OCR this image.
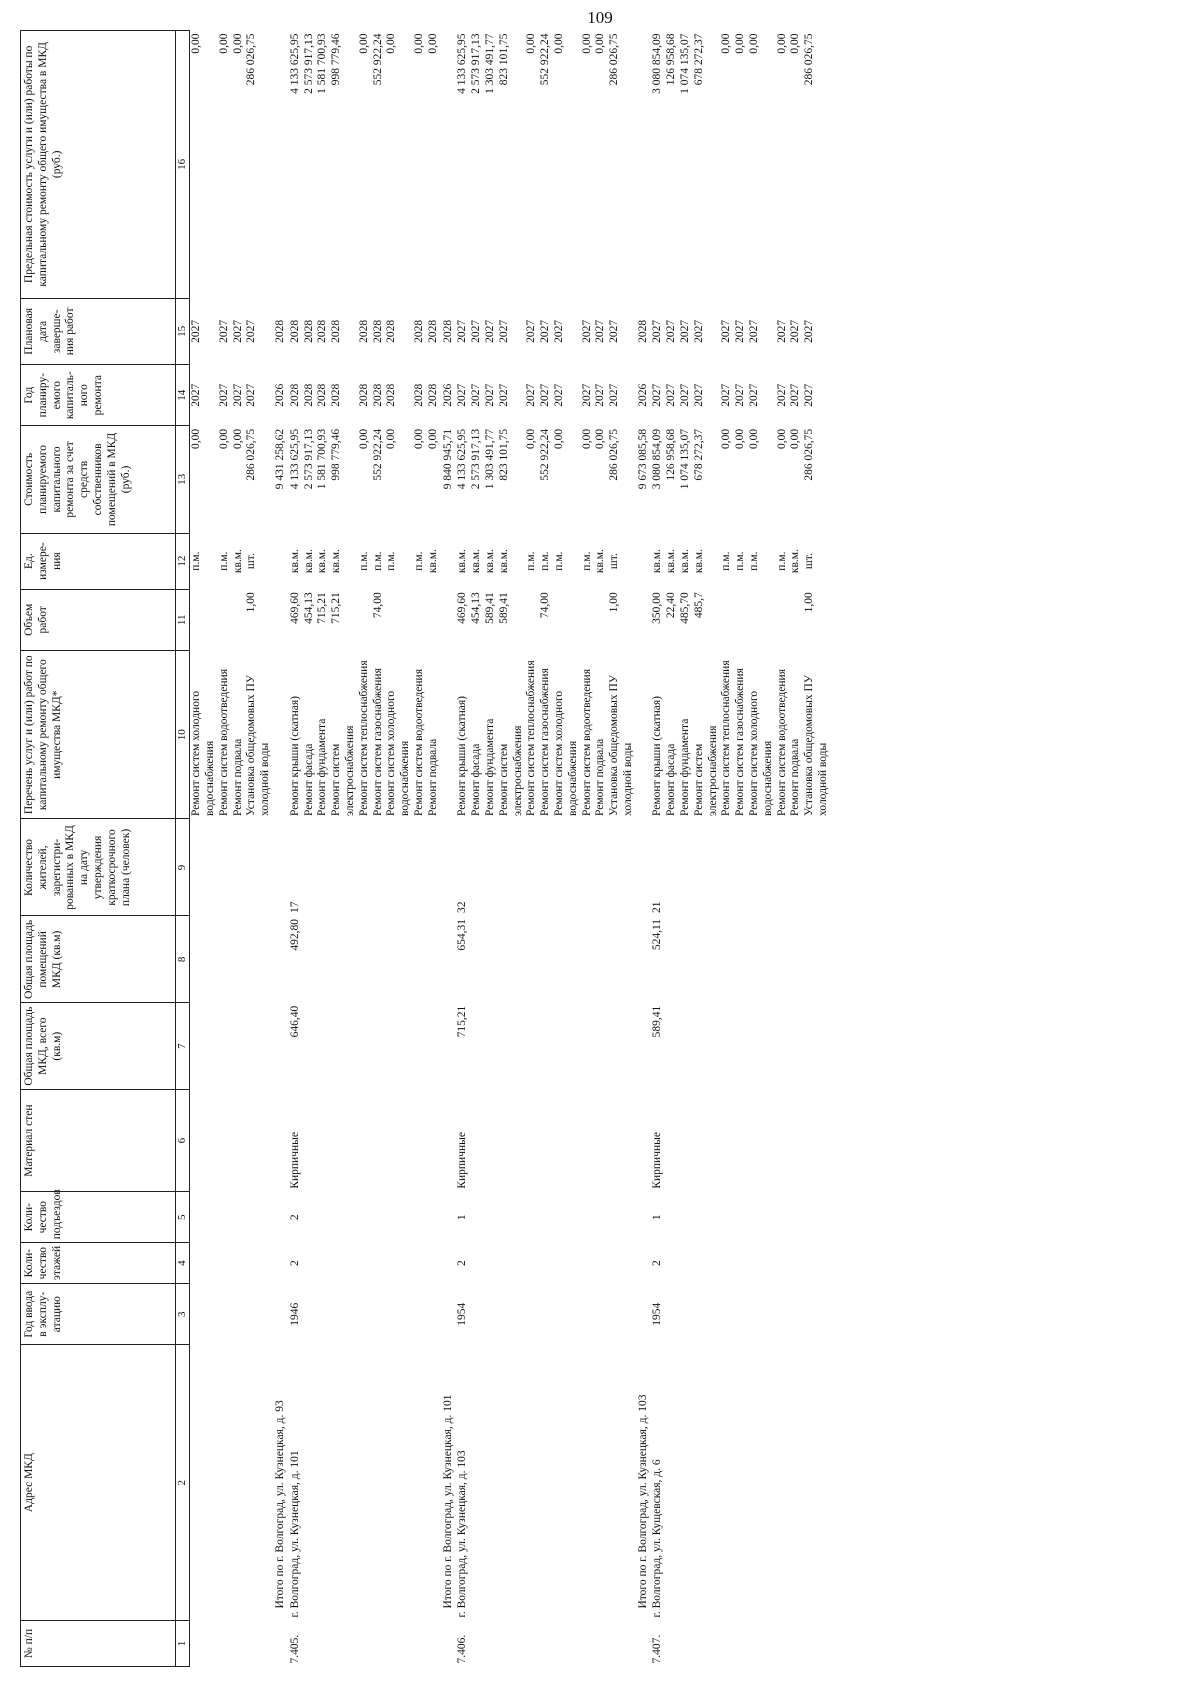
109
№ п/п	Адрес МКД	Год ввода в эксплу-атацию	Коли-чество этажей	Коли-чество подъездов	Материал стен	Общая площадь МКД, всего (кв.м)	Общая площадь помещений МКД (кв.м)	Количество жителей, зарегистри-рованных в МКД на дату утверждения краткосрочного плана (человек)	Перечень услуг и (или) работ по капитальному ремонту общего имущества МКД*	Объем работ	Ед. измере-ния	Стоимость планируемого капитального ремонта за счет средств собственников помещений в МКД (руб.)	Год планиру-емого капиталь-ного ремонта	Плановая дата заверше-ния работ	Предельная стоимость услуги и (или) работы по капитальному ремонту общего имущества в МКД (руб.)
1	2	3	4	5	6	7	8	9	10	11	12	13	14	15	16
									Ремонт систем холодного водоснабжения		п.м.	0,00	2027	2027	0,00
									Ремонт систем водоотведения		п.м.	0,00	2027	2027	0,00
									Ремонт подвала		кв.м.	0,00	2027	2027	0,00
									Установка общедомовых ПУ холодной воды	1,00	шт.	286 026,75	2027	2027	286 026,75
Итого по г. Волгоград, ул. Кузнецкая, д. 93												9 431 258,62	2026	2028	
7.405.	г. Волгоград, ул. Кузнецкая, д. 101	1946	2	2	Кирпичные	646,40	492,80	17	Ремонт крыши (скатная)	469,60	кв.м.	4 133 625,95	2028	2028	4 133 625,95
									Ремонт фасада	454,13	кв.м.	2 573 917,13	2028	2028	2 573 917,13
									Ремонт фундамента	715,21	кв.м.	1 581 700,93	2028	2028	1 581 700,93
									Ремонт систем электроснабжения	715,21	кв.м.	998 779,46	2028	2028	998 779,46
									Ремонт систем теплоснабжения		п.м.	0,00	2028	2028	0,00
									Ремонт систем газоснабжения	74,00	п.м.	552 922,24	2028	2028	552 922,24
									Ремонт систем холодного водоснабжения		п.м.	0,00	2028	2028	0,00
									Ремонт систем водоотведения		п.м.	0,00	2028	2028	0,00
									Ремонт подвала		кв.м.	0,00	2028	2028	0,00
Итого по г. Волгоград, ул. Кузнецкая, д. 101												9 840 945,71	2026	2028	
7.406.	г. Волгоград, ул. Кузнецкая, д. 103	1954	2	1	Кирпичные	715,21	654,31	32	Ремонт крыши (скатная)	469,60	кв.м.	4 133 625,95	2027	2027	4 133 625,95
									Ремонт фасада	454,13	кв.м.	2 573 917,13	2027	2027	2 573 917,13
									Ремонт фундамента	589,41	кв.м.	1 303 491,77	2027	2027	1 303 491,77
									Ремонт систем электроснабжения	589,41	кв.м.	823 101,75	2027	2027	823 101,75
									Ремонт систем теплоснабжения		п.м.	0,00	2027	2027	0,00
									Ремонт систем газоснабжения	74,00	п.м.	552 922,24	2027	2027	552 922,24
									Ремонт систем холодного водоснабжения		п.м.	0,00	2027	2027	0,00
									Ремонт систем водоотведения		п.м.	0,00	2027	2027	0,00
									Ремонт подвала		кв.м.	0,00	2027	2027	0,00
									Установка общедомовых ПУ холодной воды	1,00	шт.	286 026,75	2027	2027	286 026,75
Итого по г. Волгоград, ул. Кузнецкая, д. 103												9 673 085,58	2026	2028	
7.407.	г. Волгоград, ул. Кущевская, д. 6	1954	2	1	Кирпичные	589,41	524,11	21	Ремонт крыши (скатная)	350,00	кв.м.	3 080 854,09	2027	2027	3 080 854,09
									Ремонт фасада	22,40	кв.м.	126 958,68	2027	2027	126 958,68
									Ремонт фундамента	485,70	кв.м.	1 074 135,07	2027	2027	1 074 135,07
									Ремонт систем электроснабжения	485,7	кв.м.	678 272,37	2027	2027	678 272,37
									Ремонт систем теплоснабжения		п.м.	0,00	2027	2027	0,00
									Ремонт систем газоснабжения		п.м.	0,00	2027	2027	0,00
									Ремонт систем холодного водоснабжения		п.м.	0,00	2027	2027	0,00
									Ремонт систем водоотведения		п.м.	0,00	2027	2027	0,00
									Ремонт подвала		кв.м.	0,00	2027	2027	0,00
									Установка общедомовых ПУ холодной воды	1,00	шт.	286 026,75	2027	2027	286 026,75
